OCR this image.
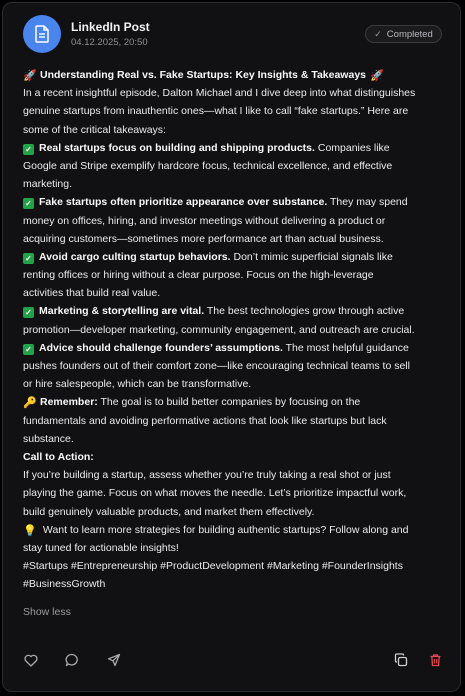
LinkedIn Post
04.12.2025, 20:50
✓ Completed
🚀 Understanding Real vs. Fake Startups: Key Insights & Takeaways 🚀
In a recent insightful episode, Dalton Michael and I dive deep into what distinguishes
genuine startups from inauthentic ones—what I like to call “fake startups.” Here are
some of the critical takeaways:
✓ Real startups focus on building and shipping products. Companies like
Google and Stripe exemplify hardcore focus, technical excellence, and effective
marketing.
✓ Fake startups often prioritize appearance over substance. They may spend
money on offices, hiring, and investor meetings without delivering a product or
acquiring customers—sometimes more performance art than actual business.
✓ Avoid cargo culting startup behaviors. Don’t mimic superficial signals like
renting offices or hiring without a clear purpose. Focus on the high-leverage
activities that build real value.
✓ Marketing & storytelling are vital. The best technologies grow through active
promotion—developer marketing, community engagement, and outreach are crucial.
✓ Advice should challenge founders’ assumptions. The most helpful guidance
pushes founders out of their comfort zone—like encouraging technical teams to sell
or hire salespeople, which can be transformative.
🔑 Remember: The goal is to build better companies by focusing on the
fundamentals and avoiding performative actions that look like startups but lack
substance.
Call to Action:
If you’re building a startup, assess whether you’re truly taking a real shot or just
playing the game. Focus on what moves the needle. Let’s prioritize impactful work,
build genuinely valuable products, and market them effectively.
💡 Want to learn more strategies for building authentic startups? Follow along and
stay tuned for actionable insights!
#Startups #Entrepreneurship #ProductDevelopment #Marketing #FounderInsights
#BusinessGrowth
Show less
